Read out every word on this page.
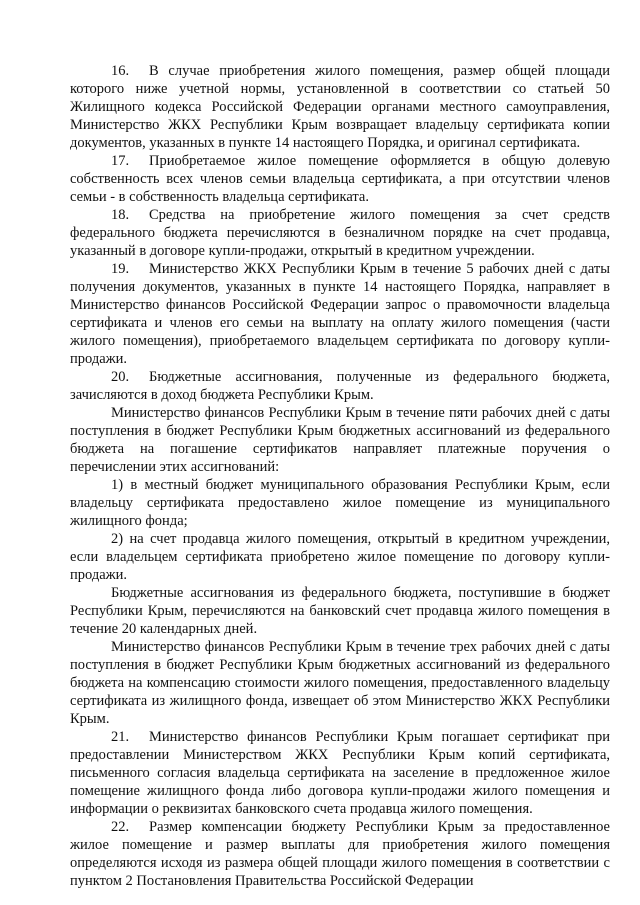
16. В случае приобретения жилого помещения, размер общей площади которого ниже учетной нормы, установленной в соответствии со статьей 50 Жилищного кодекса Российской Федерации органами местного самоуправления, Министерство ЖКХ Республики Крым возвращает владельцу сертификата копии документов, указанных в пункте 14 настоящего Порядка, и оригинал сертификата.

17. Приобретаемое жилое помещение оформляется в общую долевую собственность всех членов семьи владельца сертификата, а при отсутствии членов семьи - в собственность владельца сертификата.

18. Средства на приобретение жилого помещения за счет средств федерального бюджета перечисляются в безналичном порядке на счет продавца, указанный в договоре купли-продажи, открытый в кредитном учреждении.

19. Министерство ЖКХ Республики Крым в течение 5 рабочих дней с даты получения документов, указанных в пункте 14 настоящего Порядка, направляет в Министерство финансов Российской Федерации запрос о правомочности владельца сертификата и членов его семьи на выплату на оплату жилого помещения (части жилого помещения), приобретаемого владельцем сертификата по договору купли-продажи.

20. Бюджетные ассигнования, полученные из федерального бюджета, зачисляются в доход бюджета Республики Крым.

Министерство финансов Республики Крым в течение пяти рабочих дней с даты поступления в бюджет Республики Крым бюджетных ассигнований из федерального бюджета на погашение сертификатов направляет платежные поручения о перечислении этих ассигнований:

1) в местный бюджет муниципального образования Республики Крым, если владельцу сертификата предоставлено жилое помещение из муниципального жилищного фонда;

2) на счет продавца жилого помещения, открытый в кредитном учреждении, если владельцем сертификата приобретено жилое помещение по договору купли-продажи.

Бюджетные ассигнования из федерального бюджета, поступившие в бюджет Республики Крым, перечисляются на банковский счет продавца жилого помещения в течение 20 календарных дней.

Министерство финансов Республики Крым в течение трех рабочих дней с даты поступления в бюджет Республики Крым бюджетных ассигнований из федерального бюджета на компенсацию стоимости жилого помещения, предоставленного владельцу сертификата из жилищного фонда, извещает об этом Министерство ЖКХ Республики Крым.

21. Министерство финансов Республики Крым погашает сертификат при предоставлении Министерством ЖКХ Республики Крым копий сертификата, письменного согласия владельца сертификата на заселение в предложенное жилое помещение жилищного фонда либо договора купли-продажи жилого помещения и информации о реквизитах банковского счета продавца жилого помещения.

22. Размер компенсации бюджету Республики Крым за предоставленное жилое помещение и размер выплаты для приобретения жилого помещения определяются исходя из размера общей площади жилого помещения в соответствии с пунктом 2 Постановления Правительства Российской Федерации
